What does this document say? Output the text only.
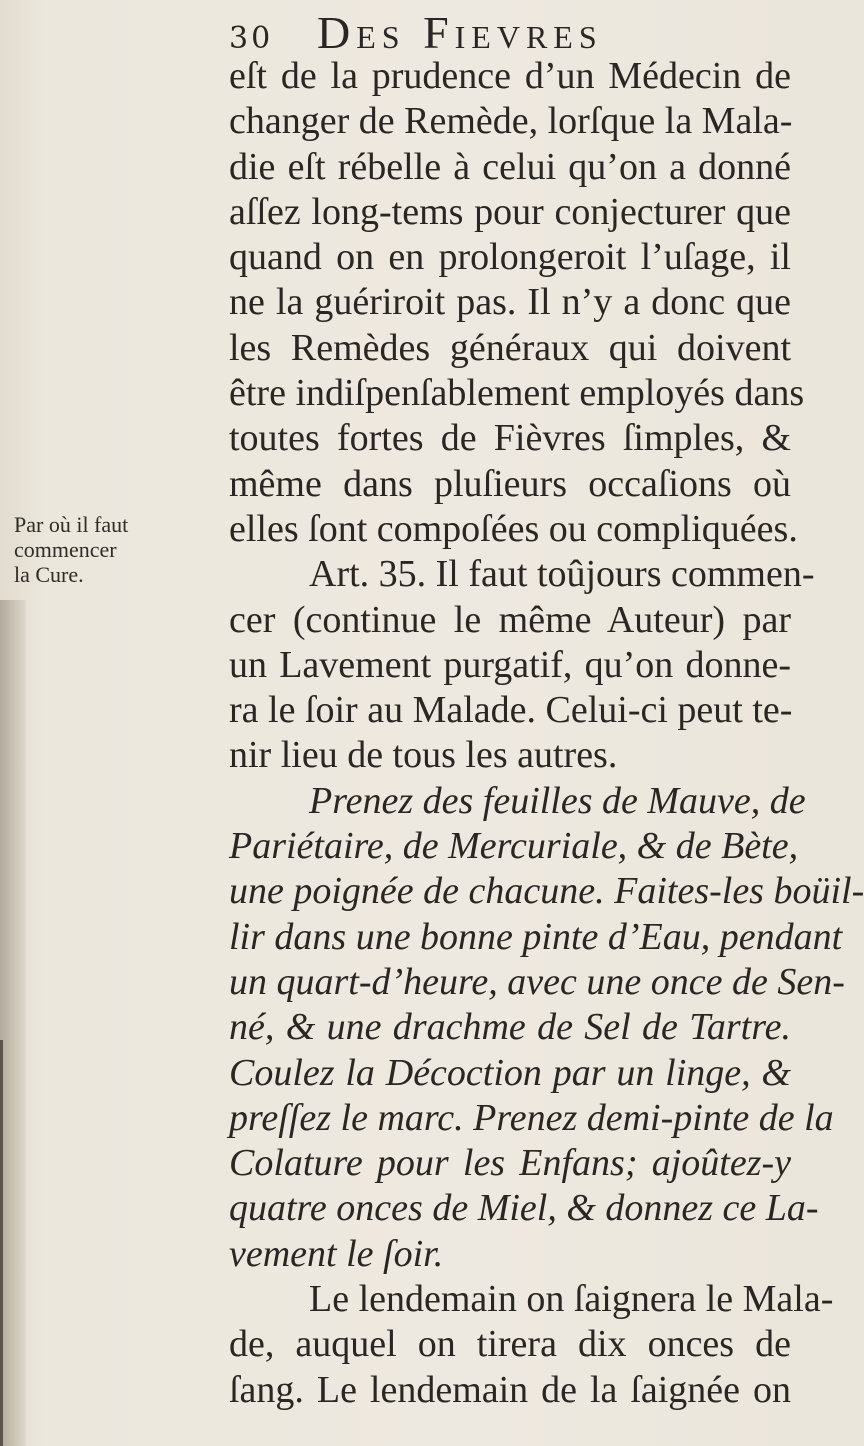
30 Des Fievres
Par où il faut
commencer
la Cure.
eſt de la prudence d’un Médecin de
changer de Remède, lorſque la Mala-
die eſt rébelle à celui qu’on a donné
aſſez long-tems pour conjecturer que
quand on en prolongeroit l’uſage, il
ne la guériroit pas. Il n’y a donc que
les Remèdes généraux qui doivent
être indiſpenſablement employés dans
toutes fortes de Fièvres ſimples, &
même dans pluſieurs occaſions où
elles ſont compoſées ou compliquées.
Art. 35. Il faut toûjours commen-
cer (continue le même Auteur) par
un Lavement purgatif, qu’on donne-
ra le ſoir au Malade. Celui-ci peut te-
nir lieu de tous les autres.
Prenez des feuilles de Mauve, de
Pariétaire, de Mercuriale, & de Bète,
une poignée de chacune. Faites-les boüil-
lir dans une bonne pinte d’Eau, pendant
un quart-d’heure, avec une once de Sen-
né, & une drachme de Sel de Tartre.
Coulez la Décoction par un linge, &
preſſez le marc. Prenez demi-pinte de la
Colature pour les Enfans; ajoûtez-y
quatre onces de Miel, & donnez ce La-
vement le ſoir.
Le lendemain on ſaignera le Mala-
de, auquel on tirera dix onces de
ſang. Le lendemain de la ſaignée on
